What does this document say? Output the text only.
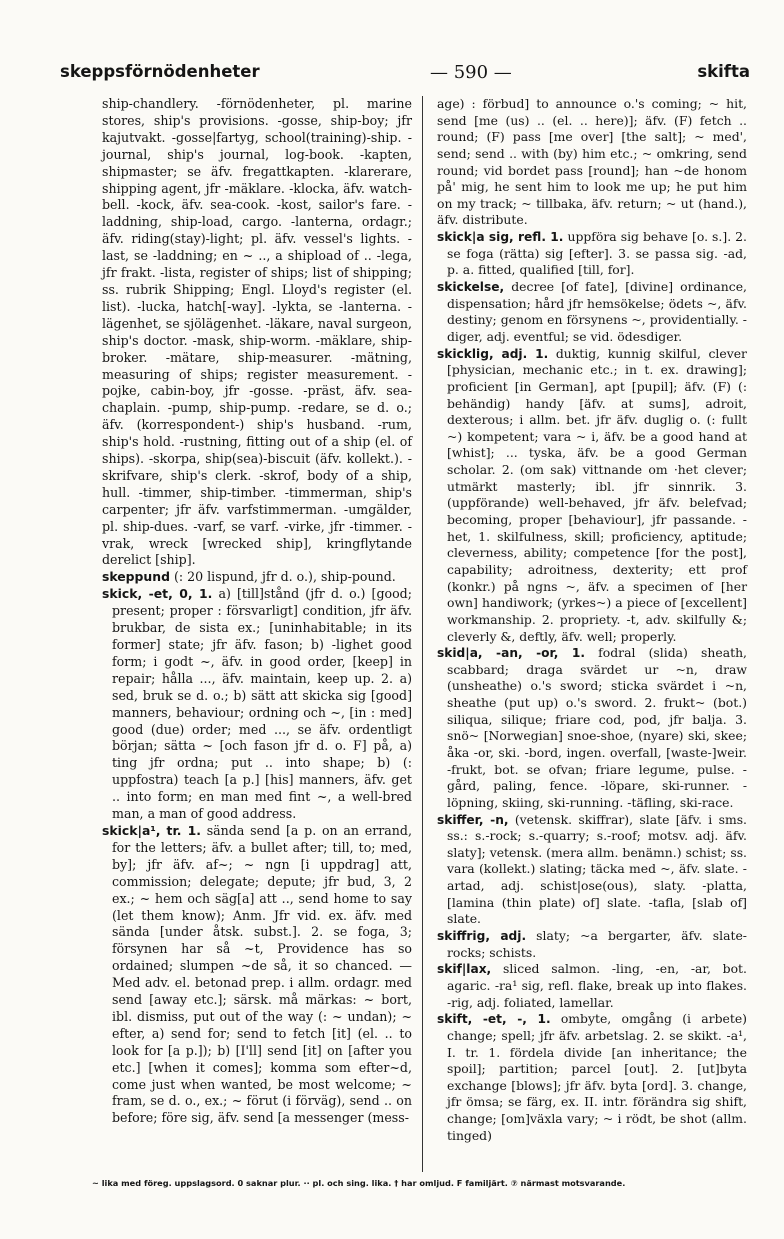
skeppsförnödenheter	— 590 —	skifta

ship-chandlery. -förnödenheter, pl. marine stores, ship's provisions. -gosse, ship-boy; jfr kajutvakt. -gosse|fartyg, school(training)-ship. -journal, ship's journal, log-book. -kapten, shipmaster; se äfv. fregattkapten. -klarerare, shipping agent, jfr -mäklare. -klocka, äfv. watch-bell. -kock, äfv. sea-cook. -kost, sailor's fare. -laddning, ship-load, cargo. -lanterna, ordagr.; äfv. riding(stay)-light; pl. äfv. vessel's lights. -last, se -laddning; en ~ .., a shipload of .. -lega, jfr frakt. -lista, register of ships; list of shipping; ss. rubrik Shipping; Engl. Lloyd's register (el. list). -lucka, hatch[-way]. -lykta, se -lanterna. -lägenhet, se sjölägenhet. -läkare, naval surgeon, ship's doctor. -mask, ship-worm. -mäklare, ship-broker. -mätare, ship-measurer. -mätning, measuring of ships; register measurement. -pojke, cabin-boy, jfr -gosse. -präst, äfv. sea-chaplain. -pump, ship-pump. -redare, se d. o.; äfv. (korrespondent-) ship's husband. -rum, ship's hold. -rustning, fitting out of a ship (el. of ships). -skorpa, ship(sea)-biscuit (äfv. kollekt.). -skrifvare, ship's clerk. -skrof, body of a ship, hull. -timmer, ship-timber. -timmerman, ship's carpenter; jfr äfv. varfstimmerman. -umgälder, pl. ship-dues. -varf, se varf. -virke, jfr -timmer. -vrak, wreck [wrecked ship], kringflytande derelict [ship].

skeppund (: 20 lispund, jfr d. o.), ship-pound.

skick, -et, 0, 1. a) [till]stånd (jfr d. o.) [good; present; proper : försvarligt] condition, jfr äfv. brukbar, de sista ex.; [uninhabitable; in its former] state; jfr äfv. fason; b) -lighet good form; i godt ~, äfv. in good order, [keep] in repair; hålla ..., äfv. maintain, keep up. 2. a) sed, bruk se d. o.; b) sätt att skicka sig [good] manners, behaviour; ordning och ~, [in : med] good (due) order; med ..., se äfv. ordentligt början; sätta ~ [och fason jfr d. o. F] på, a) ting jfr ordna; put .. into shape; b) (: uppfostra) teach [a p.] [his] manners, äfv. get .. into form; en man med fint ~, a well-bred man, a man of good address.

skick|a¹, tr. 1. sända send [a p. on an errand, for the letters; äfv. a bullet after; till, to; med, by]; jfr äfv. af~; ~ ngn [i uppdrag] att, commission; delegate; depute; jfr bud, 3, 2 ex.; ~ hem och säg[a] att .., send home to say (let them know); Anm. Jfr vid. ex. äfv. med sända [under åtsk. subst.]. 2. se foga, 3; försynen har så ~t, Providence has so ordained; slumpen ~de så, it so chanced. — Med adv. el. betonad prep. i allm. ordagr. med send [away etc.]; särsk. må märkas: ~ bort, ibl. dismiss, put out of the way (: ~ undan); ~ efter, a) send for; send to fetch [it] (el. .. to look for [a p.]); b) [I'll] send [it] on [after you etc.] [when it comes]; komma som efter~d, come just when wanted, be most welcome; ~ fram, se d. o., ex.; ~ förut (i förväg), send .. on before; före sig, äfv. send [a messenger (mess-

age) : förbud] to announce o.'s coming; ~ hit, send [me (us) .. (el. .. here)]; äfv. (F) fetch .. round; (F) pass [me over] [the salt]; ~ med', send; send .. with (by) him etc.; ~ omkring, send round; vid bordet pass [round]; han ~de honom på' mig, he sent him to look me up; he put him on my track; ~ tillbaka, äfv. return; ~ ut (hand.), äfv. distribute.

skick|a sig, refl. 1. uppföra sig behave [o. s.]. 2. se foga (rätta) sig [efter]. 3. se passa sig. -ad, p. a. fitted, qualified [till, for].

skickelse, decree [of fate], [divine] ordinance, dispensation; hård jfr hemsökelse; ödets ~, äfv. destiny; genom en försynens ~, providentially. -diger, adj. eventful; se vid. ödesdiger.

skicklig, adj. 1. duktig, kunnig skilful, clever [physician, mechanic etc.; in t. ex. drawing]; proficient [in German], apt [pupil]; äfv. (F) (: behändig) handy [äfv. at sums], adroit, dexterous; i allm. bet. jfr äfv. duglig o. (: fullt ~) kompetent; vara ~ i, äfv. be a good hand at [whist]; ... tyska, äfv. be a good German scholar. 2. (om sak) vittnande om ·het clever; utmärkt masterly; ibl. jfr sinnrik. 3. (uppförande) well-behaved, jfr äfv. belefvad; becoming, proper [behaviour], jfr passande. -het, 1. skilfulness, skill; proficiency, aptitude; cleverness, ability; competence [for the post], capability; adroitness, dexterity; ett prof (konkr.) på ngns ~, äfv. a specimen of [her own] handiwork; (yrkes~) a piece of [excellent] workmanship. 2. propriety. -t, adv. skilfully &; cleverly &, deftly, äfv. well; properly.

skid|a, -an, -or, 1. fodral (slida) sheath, scabbard; draga svärdet ur ~n, draw (unsheathe) o.'s sword; sticka svärdet i ~n, sheathe (put up) o.'s sword. 2. frukt~ (bot.) siliqua, silique; friare cod, pod, jfr balja. 3. snö~ [Norwegian] snoe-shoe, (nyare) ski, skee; åka -or, ski. -bord, ingen. overfall, [waste-]weir. -frukt, bot. se ofvan; friare legume, pulse. -gård, paling, fence. -löpare, ski-runner. -löpning, skiing, ski-running. -täfling, ski-race.

skiffer, -n, (vetensk. skiffrar), slate [äfv. i sms. ss.: s.-rock; s.-quarry; s.-roof; motsv. adj. äfv. slaty]; vetensk. (mera allm. benämn.) schist; ss. vara (kollekt.) slating; täcka med ~, äfv. slate. -artad, adj. schist|ose(ous), slaty. -platta, [lamina (thin plate) of] slate. -tafla, [slab of] slate.

skiffrig, adj. slaty; ~a bergarter, äfv. slate-rocks; schists.

skif|lax, sliced salmon. -ling, -en, -ar, bot. agaric. -ra¹ sig, refl. flake, break up into flakes. -rig, adj. foliated, lamellar.

skift, -et, -, 1. ombyte, omgång (i arbete) change; spell; jfr äfv. arbetslag. 2. se skikt. -a¹, I. tr. 1. fördela divide [an inheritance; the spoil]; partition; parcel [out]. 2. [ut]byta exchange [blows]; jfr äfv. byta [ord]. 3. change, jfr ömsa; se färg, ex. II. intr. förändra sig shift, change; [om]växla vary; ~ i rödt, be shot (allm. tinged)

~ lika med föreg. uppslagsord. 0 saknar plur. ·· pl. och sing. lika. † har omljud. F familjärt. ⑦ närmast motsvarande.
